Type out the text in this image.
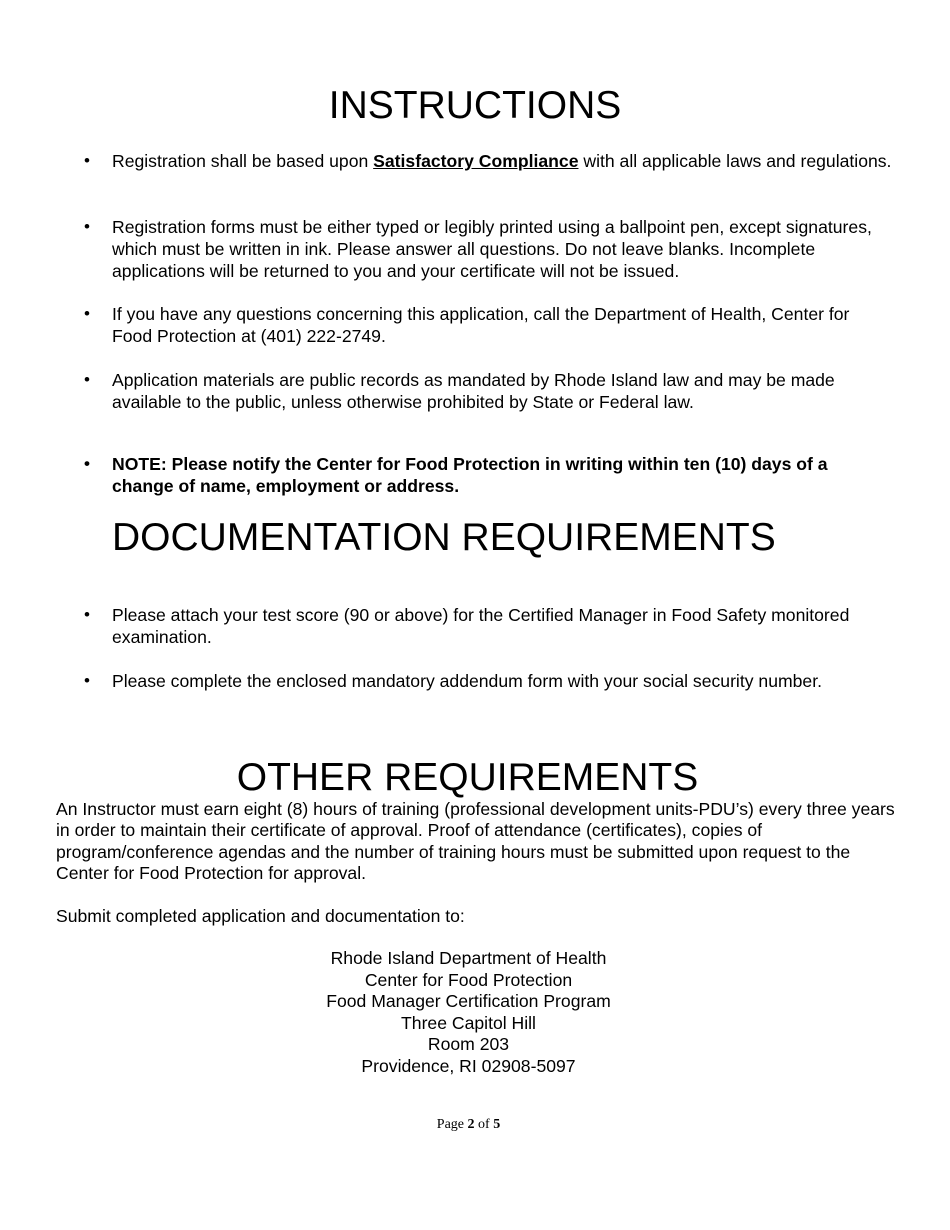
INSTRUCTIONS
• Registration shall be based upon Satisfactory Compliance with all applicable laws and regulations.
• Registration forms must be either typed or legibly printed using a ballpoint pen, except signatures, which must be written in ink. Please answer all questions. Do not leave blanks. Incomplete applications will be returned to you and your certificate will not be issued.
• If you have any questions concerning this application, call the Department of Health, Center for Food Protection at (401) 222-2749.
• Application materials are public records as mandated by Rhode Island law and may be made available to the public, unless otherwise prohibited by State or Federal law.
• NOTE: Please notify the Center for Food Protection in writing within ten (10) days of a change of name, employment or address.
DOCUMENTATION REQUIREMENTS
• Please attach your test score (90 or above) for the Certified Manager in Food Safety monitored examination.
• Please complete the enclosed mandatory addendum form with your social security number.
OTHER REQUIREMENTS

An Instructor must earn eight (8) hours of training (professional development units-PDU’s) every three years in order to maintain their certificate of approval. Proof of attendance (certificates), copies of program/conference agendas and the number of training hours must be submitted upon request to the Center for Food Protection for approval.

Submit completed application and documentation to:

Rhode Island Department of Health
Center for Food Protection
Food Manager Certification Program
Three Capitol Hill
Room 203
Providence, RI 02908-5097
Page 2 of 5
